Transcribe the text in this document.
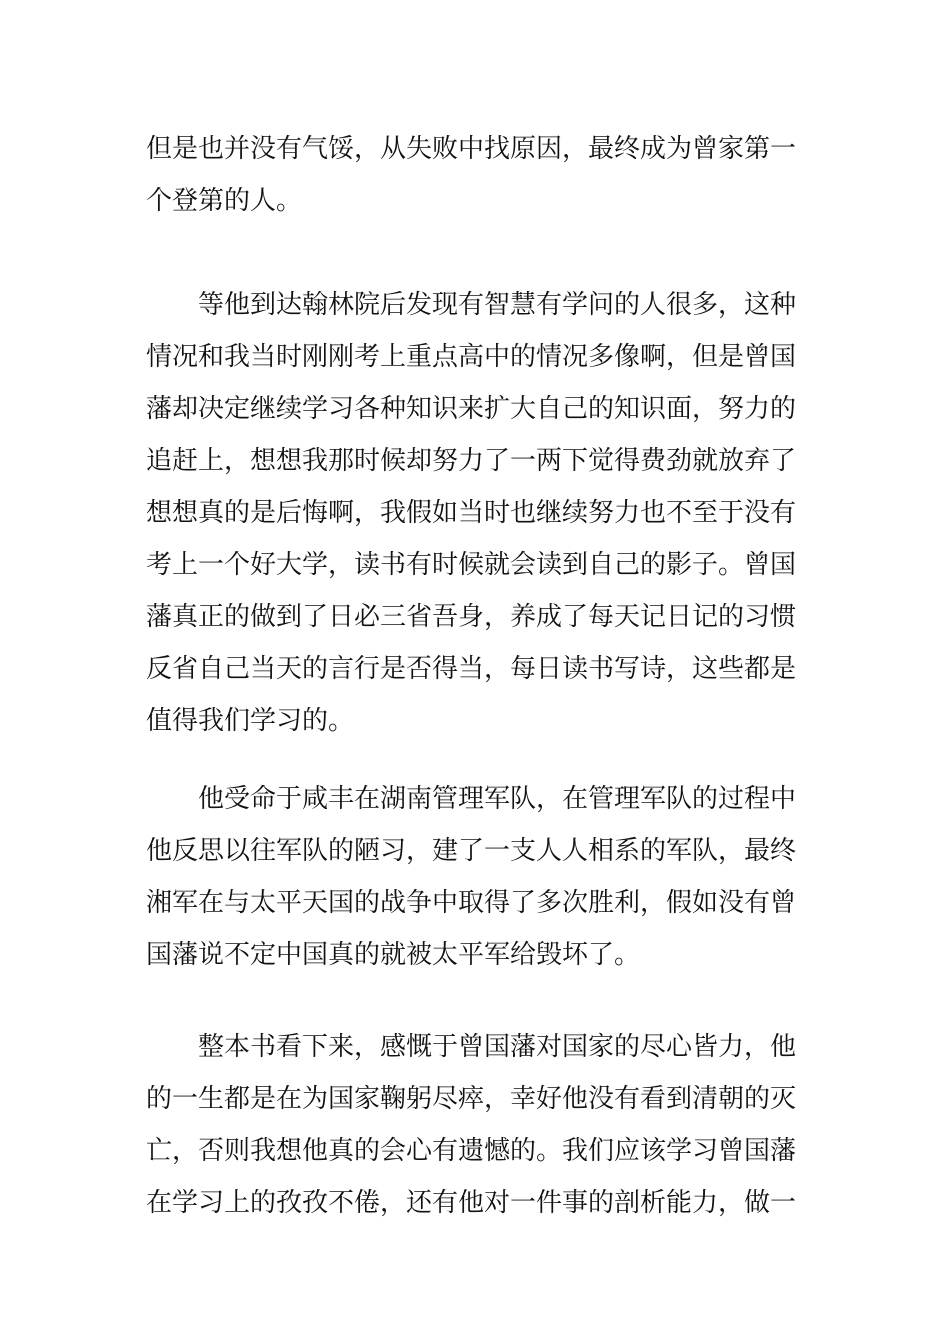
但是也并没有气馁，从失败中找原因，最终成为曾家第一
个登第的人。
等他到达翰林院后发现有智慧有学问的人很多，这种
情况和我当时刚刚考上重点高中的情况多像啊，但是曾国
藩却决定继续学习各种知识来扩大自己的知识面，努力的
追赶上，想想我那时候却努力了一两下觉得费劲就放弃了
想想真的是后悔啊，我假如当时也继续努力也不至于没有
考上一个好大学，读书有时候就会读到自己的影子。曾国
藩真正的做到了日必三省吾身，养成了每天记日记的习惯
反省自己当天的言行是否得当，每日读书写诗，这些都是
值得我们学习的。
他受命于咸丰在湖南管理军队，在管理军队的过程中
他反思以往军队的陋习，建了一支人人相系的军队，最终
湘军在与太平天国的战争中取得了多次胜利，假如没有曾
国藩说不定中国真的就被太平军给毁坏了。
整本书看下来，感慨于曾国藩对国家的尽心皆力，他
的一生都是在为国家鞠躬尽瘁，幸好他没有看到清朝的灭
亡，否则我想他真的会心有遗憾的。我们应该学习曾国藩
在学习上的孜孜不倦，还有他对一件事的剖析能力，做一
